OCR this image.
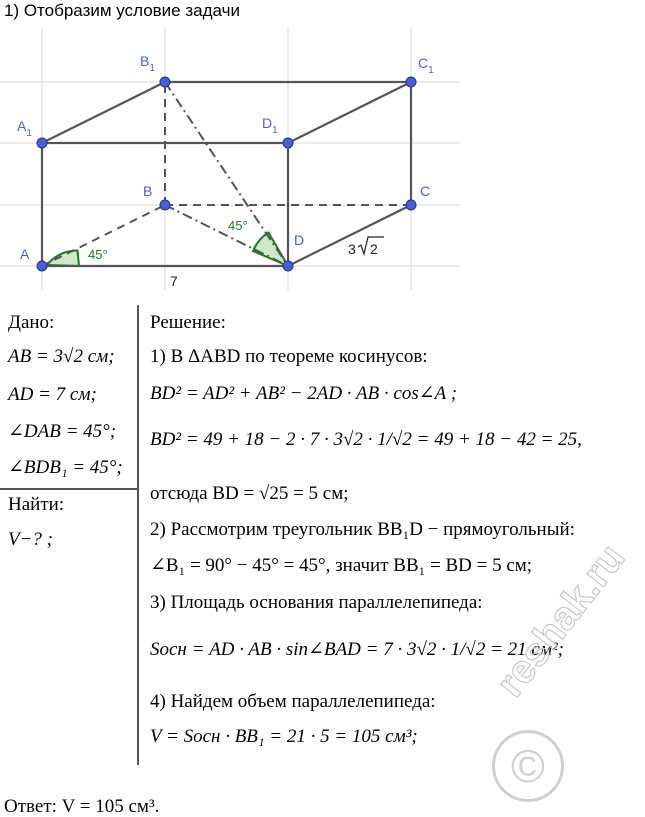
1) Отобразим условие задачи
A
B	C
D
$A_1$
$B_1$	$C_1$
$D_1$
45°
45°
7
3 2
Дано:
AB = 3√2 см;
AD = 7 см;
∠DAB = 45°;
∠BDB₁ = 45°;
Найти:
V−? ;
Решение:
1) В ΔABD по теореме косинусов:
BD² = AD² + AB² − 2AD · AB · cos∠A ;
BD² = 49 + 18 − 2 · 7 · 3√2 · 1/√2 = 49 + 18 − 42 = 25,
отсюда BD = √25 = 5 см;
2) Рассмотрим треугольник BB₁D − прямоугольный:
∠B₁ = 90° − 45° = 45°, значит BB₁ = BD = 5 см;
3) Площадь основания параллелепипеда:
Sосн = AD · AB · sin∠BAD = 7 · 3√2 · 1/√2 = 21 см²;
4) Найдем объем параллелепипеда:
V = Sосн · BB₁ = 21 · 5 = 105 см³;
Ответ: V = 105 см³.
reshak.ru
©
